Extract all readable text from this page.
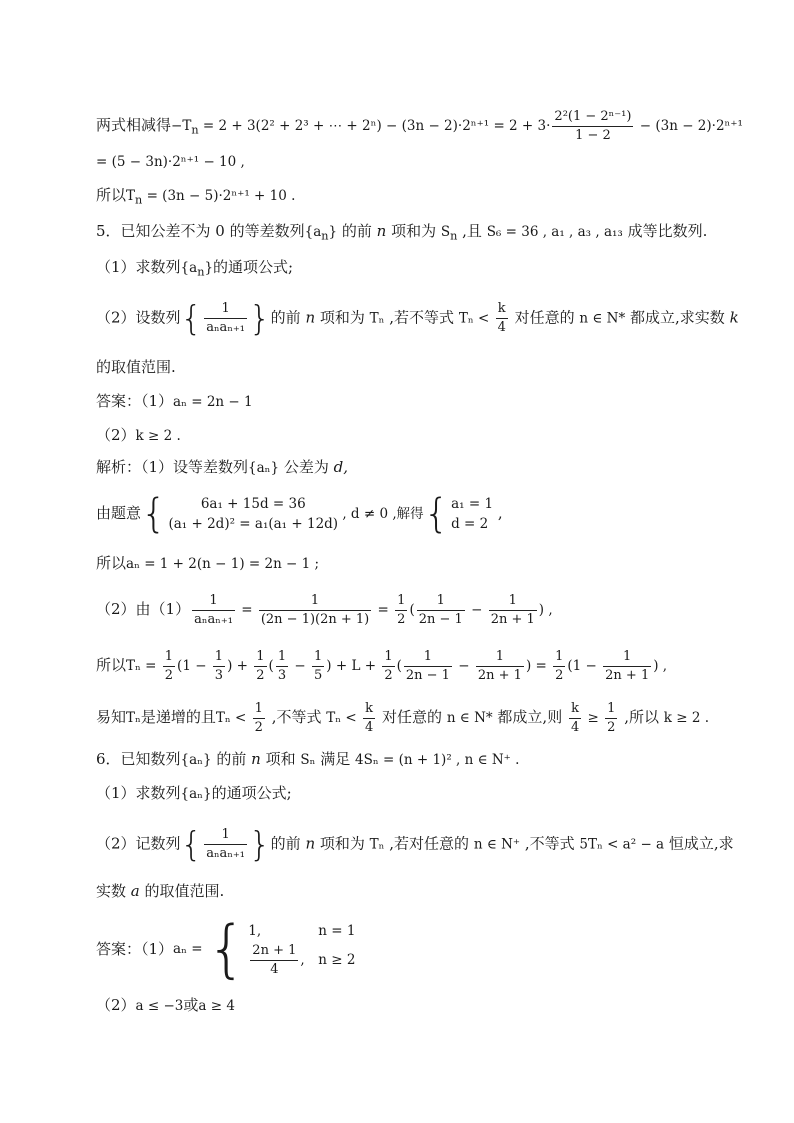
两式相减得$-T_n = 2 + 3(2^2 + 2^3$ + ⋯ + $2^n) - (3n - 2)\cdot 2^{n+1} = 2 + 3\cdot \frac{\text{2²(1 − 2ⁿ⁻¹)}}{1 - 2} - (3n - 2)\cdot 2^{n+1}$
= (5 − 3n)·2ⁿ⁺¹ − 10 ,
所以$T_n = (3n - 5)\cdot 2^{n+1} + 10$ .
5．已知公差不为 0 的等差数列$\{a_n\}$ 的前 n 项和为 $S_n$ ,且 S₆ = 36 , a₁ , a₃ , a₁₃ 成等比数列.
（1）求数列$\{a_n\}$的通项公式;
（2）设数列{ $\frac{1}{\text{aₙaₙ₊₁}}$ }的前 n 项和为 Tₙ ,若不等式 $T_n < \frac{k}{4}$ 对任意的 n ∈ N* 都成立,求实数 k
的取值范围.
答案：（1）aₙ = 2n − 1
（2）k ≥ 2 .
解析：（1）设等差数列{aₙ} 公差为 d,
由题意{	6a₁ + 15d = 36
(a₁ + 2d)² = a₁(a₁ + 12d)
, d ≠ 0 ,解得{ a₁ = 1
d = 2
,
所以aₙ = 1 + 2(n − 1) = 2n − 1 ;
（2）由$(1) \frac{1}{\text{aₙaₙ₊₁}} = \frac{1}{(2n - 1)(2n + 1)} = \frac{1}{2}$ ( $\frac{1}{2n - 1} - \frac{1}{2n + 1}$ ) ,
所以$T_n = \frac{1}{2} (1 - \frac{1}{3}$ ) + $\frac{1}{2}$ ( $\frac{1}{3} - \frac{1}{5}$ ) + $L + \frac{1}{2}$ ( $\frac{1}{2n - 1} - \frac{1}{2n + 1}$ ) = $\frac{1}{2} (1 - \frac{1}{2n + 1}$ ) ,
易知Tₙ是递增的且$T_n < \frac{1}{2}$ ,不等式 $T_n < \frac{k}{4}$ 对任意的 n ∈ N* 都成立,则 $\frac{k}{4} \ge \frac{1}{2}$ ,所以 k ≥ 2 .
6．已知数列{aₙ} 的前 n 项和 Sₙ 满足 4Sₙ = (n + 1)² , n ∈ N⁺ .
（1）求数列{aₙ}的通项公式;
（2）记数列{ $\frac{1}{\text{aₙaₙ₊₁}}$ }的前 n 项和为 Tₙ ,若对任意的 n ∈ N⁺ ,不等式 5Tₙ < a² − a 恒成立,求
实数 a 的取值范围.
答案：（1）aₙ = { 1,	n = 1
$\frac{2n + 1}{4}$ , n ≥ 2
（2）a ≤ −3或a ≥ 4
